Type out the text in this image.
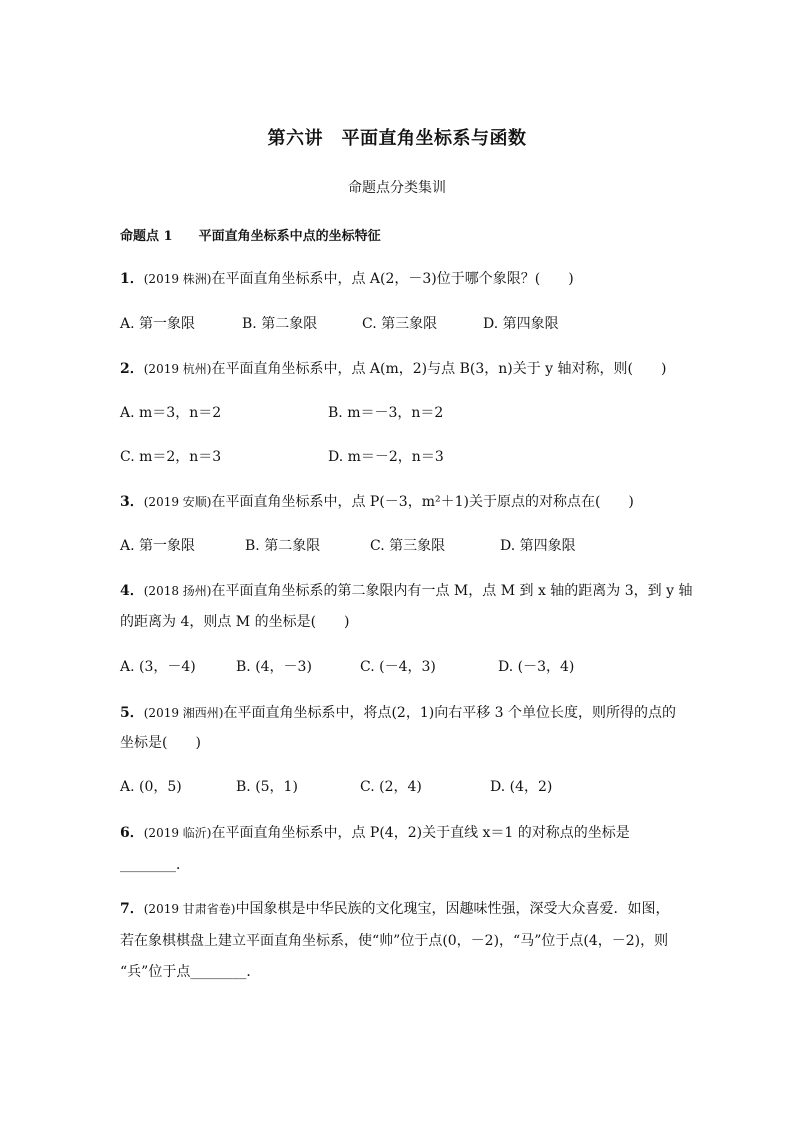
第六讲　平面直角坐标系与函数
命题点分类集训
命题点 1 平面直角坐标系中点的坐标特征
1．(2019 株洲)在平面直角坐标系中，点 A(2，－3)位于哪个象限？(　　)
A. 第一象限	B. 第二象限	C. 第三象限	D. 第四象限
2．(2019 杭州)在平面直角坐标系中，点 A(m，2)与点 B(3，n)关于 y 轴对称，则(　　)
A. m＝3，n＝2	B. m＝－3，n＝2
C. m＝2，n＝3	D. m＝－2，n＝3
3．(2019 安顺)在平面直角坐标系中，点 P(－3，m²＋1)关于原点的对称点在(　　)
A. 第一象限	B. 第二象限	C. 第三象限	D. 第四象限
4．(2018 扬州)在平面直角坐标系的第二象限内有一点 M，点 M 到 x 轴的距离为 3，到 y 轴
的距离为 4，则点 M 的坐标是(　　)
A. (3，－4)	B. (4，－3)	C. (－4，3)	D. (－3，4)
5．(2019 湘西州)在平面直角坐标系中，将点(2，1)向右平移 3 个单位长度，则所得的点的
坐标是(　　)
A. (0，5)	B. (5，1)	C. (2，4)	D. (4，2)
6．(2019 临沂)在平面直角坐标系中，点 P(4，2)关于直线 x＝1 的对称点的坐标是
________．
7．(2019 甘肃省卷)中国象棋是中华民族的文化瑰宝，因趣味性强，深受大众喜爱．如图，
若在象棋棋盘上建立平面直角坐标系，使“帅”位于点(0，－2)，“马”位于点(4，－2)，则
“兵”位于点________．
